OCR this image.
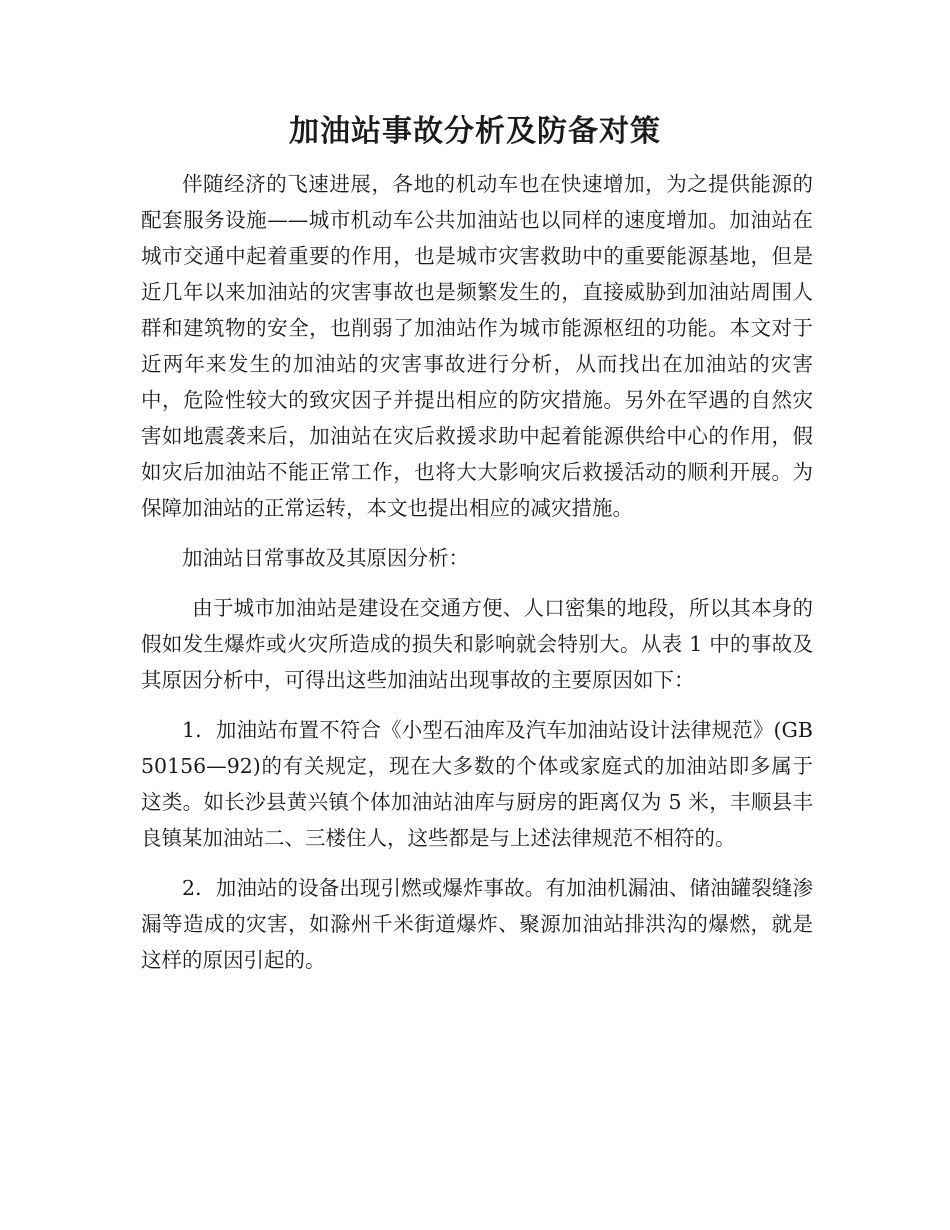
加油站事故分析及防备对策

伴随经济的飞速进展，各地的机动车也在快速增加，为之提供能源的配套服务设施——城市机动车公共加油站也以同样的速度增加。加油站在城市交通中起着重要的作用，也是城市灾害救助中的重要能源基地，但是近几年以来加油站的灾害事故也是频繁发生的，直接威胁到加油站周围人群和建筑物的安全，也削弱了加油站作为城市能源枢纽的功能。本文对于近两年来发生的加油站的灾害事故进行分析，从而找出在加油站的灾害中，危险性较大的致灾因子并提出相应的防灾措施。另外在罕遇的自然灾害如地震袭来后，加油站在灾后救援求助中起着能源供给中心的作用，假如灾后加油站不能正常工作，也将大大影响灾后救援活动的顺利开展。为保障加油站的正常运转，本文也提出相应的减灾措施。

加油站日常事故及其原因分析：

由于城市加油站是建设在交通方便、人口密集的地段，所以其本身的假如发生爆炸或火灾所造成的损失和影响就会特别大。从表 1 中的事故及其原因分析中，可得出这些加油站出现事故的主要原因如下：

1．加油站布置不符合《小型石油库及汽车加油站设计法律规范》(GB50156—92)的有关规定，现在大多数的个体或家庭式的加油站即多属于这类。如长沙县黄兴镇个体加油站油库与厨房的距离仅为 5 米，丰顺县丰良镇某加油站二、三楼住人，这些都是与上述法律规范不相符的。

2．加油站的设备出现引燃或爆炸事故。有加油机漏油、储油罐裂缝渗漏等造成的灾害，如滁州千米街道爆炸、聚源加油站排洪沟的爆燃，就是这样的原因引起的。
